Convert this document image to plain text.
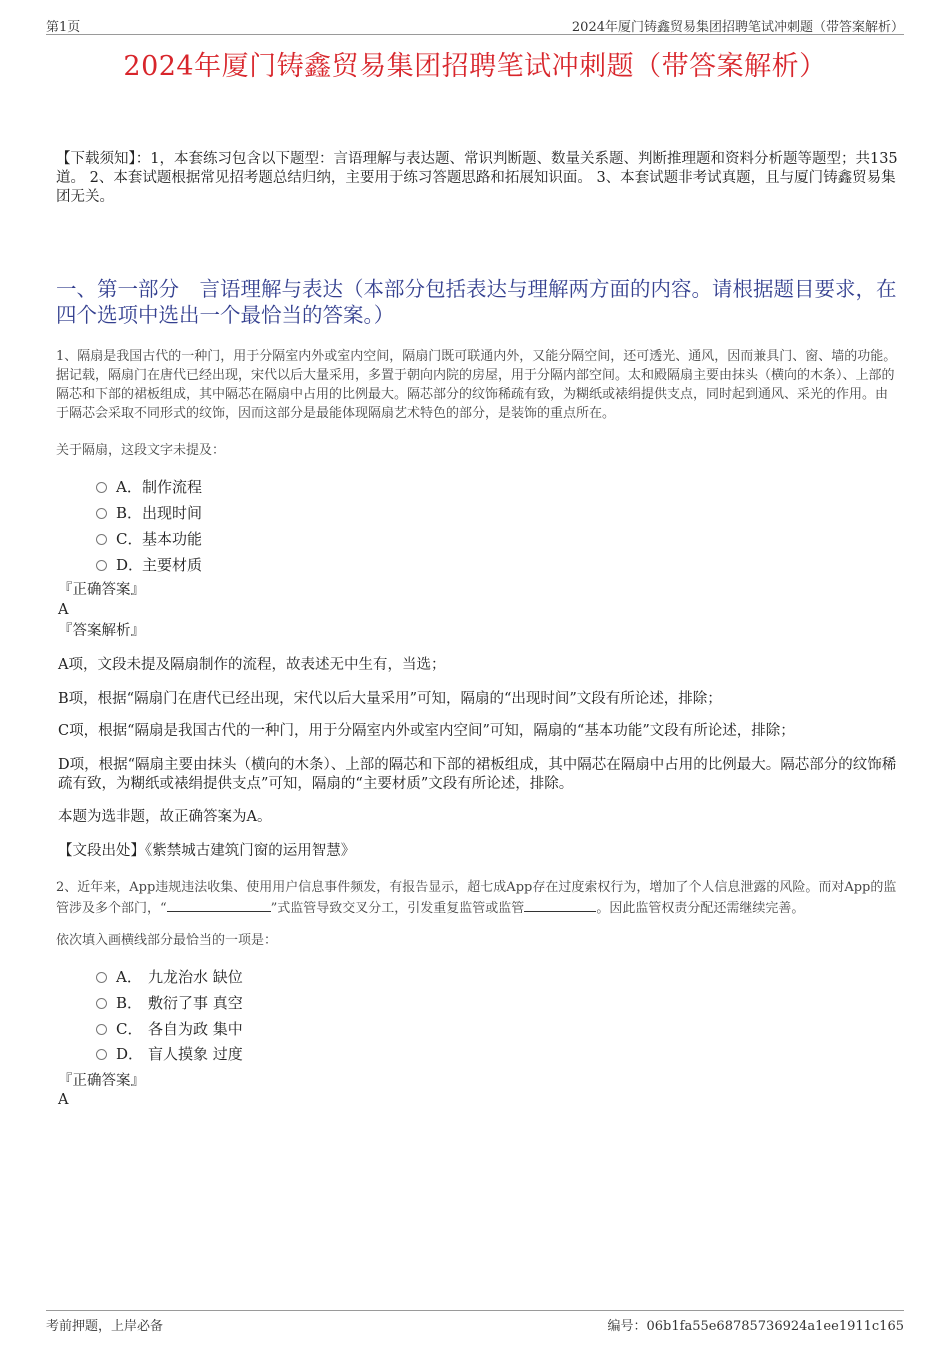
第1页	2024年厦门铸鑫贸易集团招聘笔试冲刺题（带答案解析）
2024年厦门铸鑫贸易集团招聘笔试冲刺题（带答案解析）
【下载须知】：1，本套练习包含以下题型：言语理解与表达题、常识判断题、数量关系题、判断推理题和资料分析题等题型；共135道。 2、本套试题根据常见招考题总结归纳，主要用于练习答题思路和拓展知识面。 3、本套试题非考试真题，且与厦门铸鑫贸易集团无关。
一、第一部分　言语理解与表达（本部分包括表达与理解两方面的内容。请根据题目要求，在四个选项中选出一个最恰当的答案。）
1、隔扇是我国古代的一种门，用于分隔室内外或室内空间，隔扇门既可联通内外，又能分隔空间，还可透光、通风，因而兼具门、窗、墙的功能。据记载，隔扇门在唐代已经出现，宋代以后大量采用，多置于朝向内院的房屋，用于分隔内部空间。太和殿隔扇主要由抹头（横向的木条）、上部的隔芯和下部的裙板组成，其中隔芯在隔扇中占用的比例最大。隔芯部分的纹饰稀疏有致，为糊纸或裱绢提供支点，同时起到通风、采光的作用。由于隔芯会采取不同形式的纹饰，因而这部分是最能体现隔扇艺术特色的部分，是装饰的重点所在。
关于隔扇，这段文字未提及：
A．制作流程
B．出现时间
C．基本功能
D．主要材质
『正确答案』
A
『答案解析』
A项，文段未提及隔扇制作的流程，故表述无中生有，当选；
B项，根据“隔扇门在唐代已经出现，宋代以后大量采用”可知，隔扇的“出现时间”文段有所论述，排除；
C项，根据“隔扇是我国古代的一种门，用于分隔室内外或室内空间”可知，隔扇的“基本功能”文段有所论述，排除；
D项，根据“隔扇主要由抹头（横向的木条）、上部的隔芯和下部的裙板组成，其中隔芯在隔扇中占用的比例最大。隔芯部分的纹饰稀疏有致，为糊纸或裱绢提供支点”可知，隔扇的“主要材质”文段有所论述，排除。
本题为选非题，故正确答案为A。
【文段出处】《紫禁城古建筑门窗的运用智慧》
2、近年来，App违规违法收集、使用用户信息事件频发，有报告显示，超七成App存在过度索权行为，增加了个人信息泄露的风险。而对App的监管涉及多个部门，“	”式监管导致交叉分工，引发重复监管或监管	。因此监管权责分配还需继续完善。
依次填入画横线部分最恰当的一项是：
A． 九龙治水 缺位
B． 敷衍了事 真空
C． 各自为政 集中
D． 盲人摸象 过度
『正确答案』
A
考前押题，上岸必备	编号：06b1fa55e68785736924a1ee1911c165
